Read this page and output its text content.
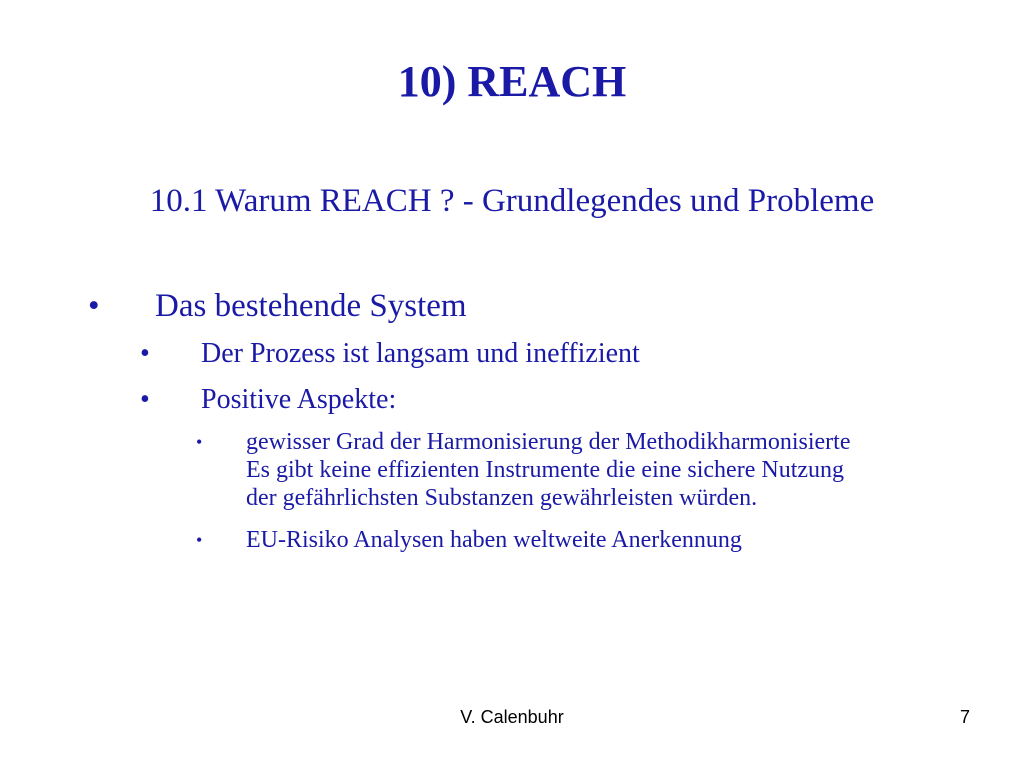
10) REACH
10.1 Warum REACH ? - Grundlegendes und Probleme
•	Das bestehende System
•	Der Prozess ist langsam und ineffizient
•	Positive Aspekte:
•	gewisser Grad der Harmonisierung der Methodikharmonisierte
Es gibt keine effizienten Instrumente die eine sichere Nutzung
der gefährlichsten Substanzen gewährleisten würden.
•	EU-Risiko Analysen haben weltweite Anerkennung
V. Calenbuhr	7
